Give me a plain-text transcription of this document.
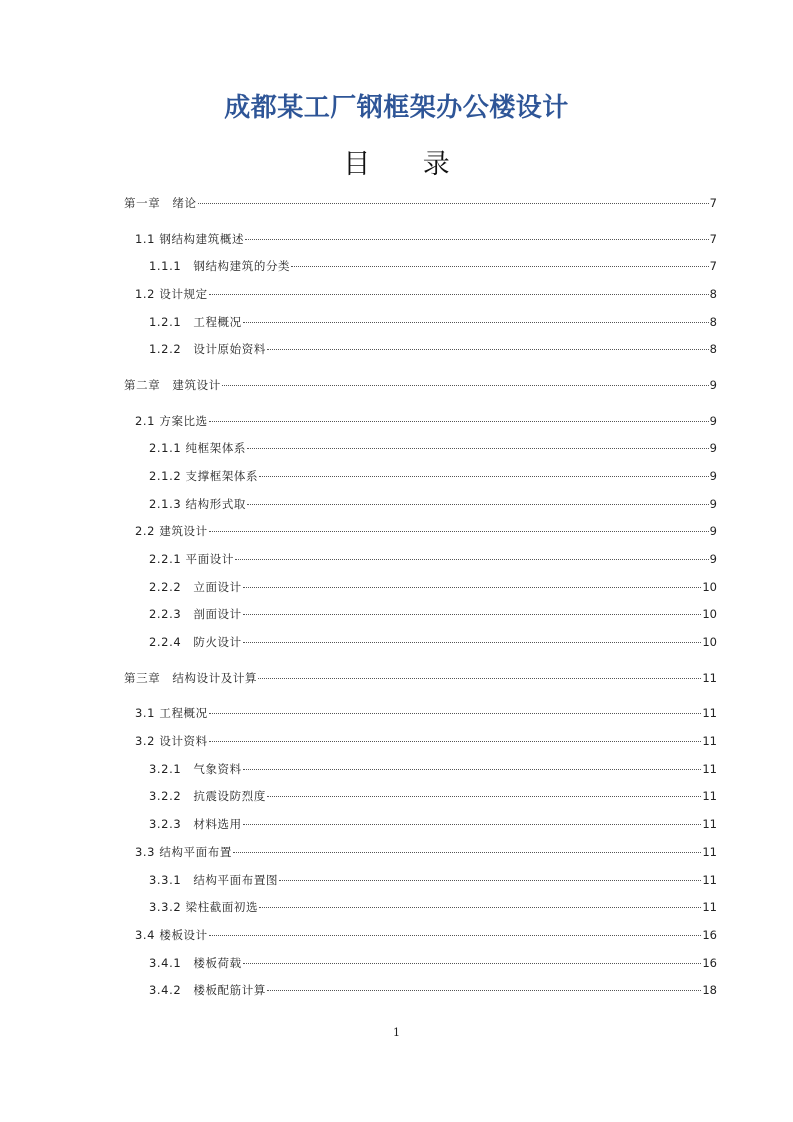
成都某工厂钢框架办公楼设计
目 录
第一章　绪论	7
1.1 钢结构建筑概述	7
1.1.1　钢结构建筑的分类	7
1.2 设计规定	8
1.2.1　工程概况	8
1.2.2　设计原始资料	8
第二章　建筑设计	9
2.1 方案比选	9
2.1.1 纯框架体系	9
2.1.2 支撑框架体系	9
2.1.3 结构形式取	9
2.2 建筑设计	9
2.2.1 平面设计	9
2.2.2　立面设计	10
2.2.3　剖面设计	10
2.2.4　防火设计	10
第三章　结构设计及计算	11
3.1 工程概况	11
3.2 设计资料	11
3.2.1　气象资料	11
3.2.2　抗震设防烈度	11
3.2.3　材料选用	11
3.3 结构平面布置	11
3.3.1　结构平面布置图	11
3.3.2 梁柱截面初选	11
3.4 楼板设计	16
3.4.1　楼板荷载	16
3.4.2　楼板配筋计算	18
1
